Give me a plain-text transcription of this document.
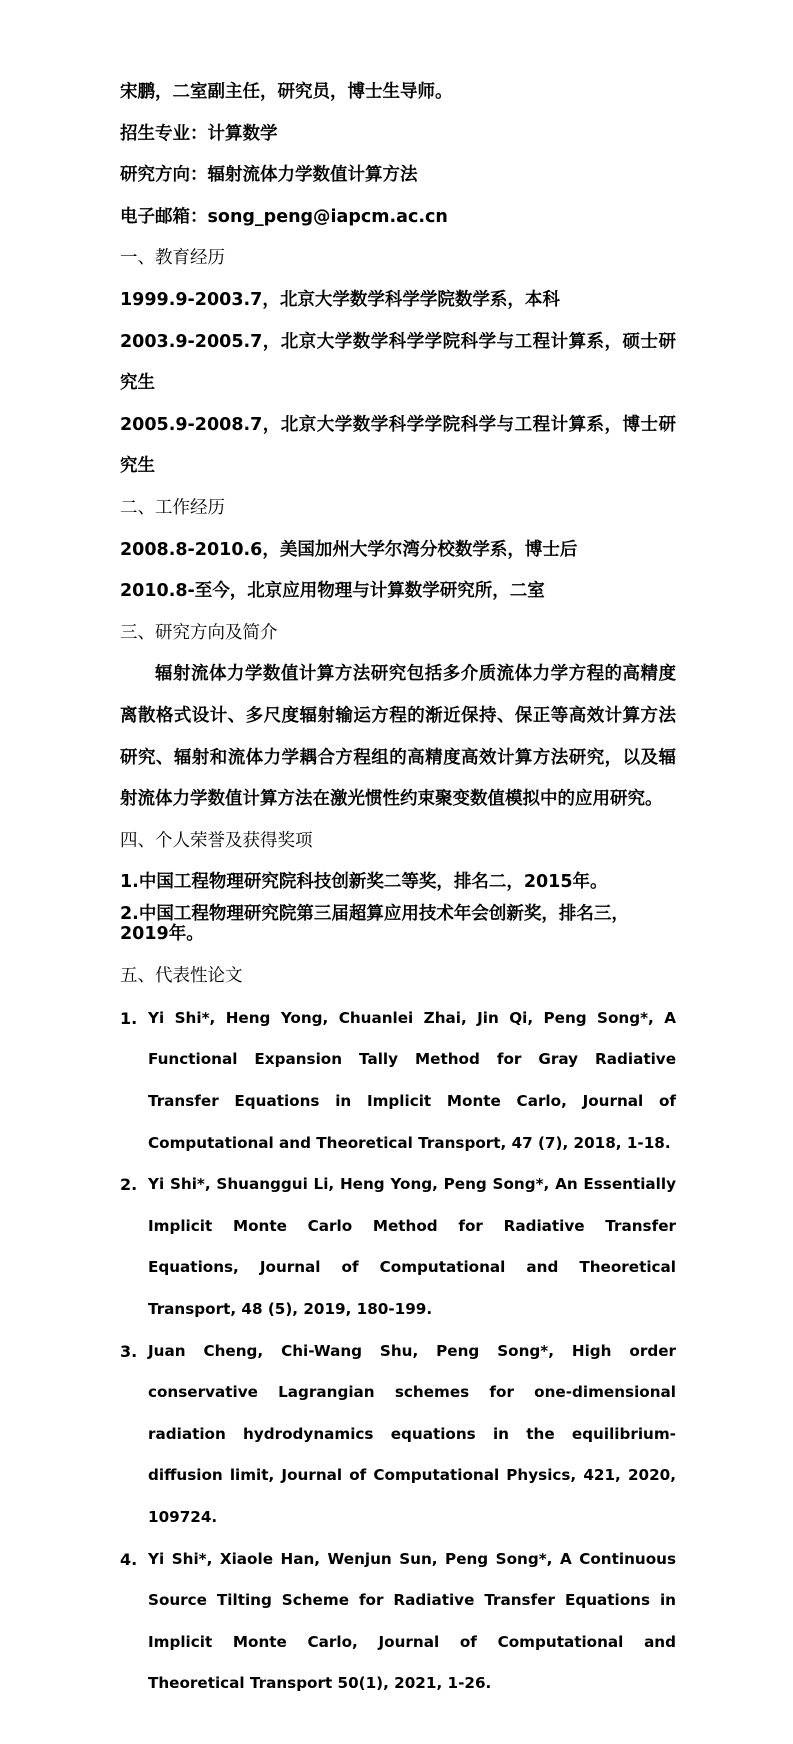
宋鹏，二室副主任，研究员，博士生导师。
招生专业：计算数学
研究方向：辐射流体力学数值计算方法
电子邮箱：song_peng@iapcm.ac.cn
一、教育经历
1999.9-2003.7，北京大学数学科学学院数学系，本科
2003.9-2005.7，北京大学数学科学学院科学与工程计算系，硕士研究生
2005.9-2008.7，北京大学数学科学学院科学与工程计算系，博士研究生
二、工作经历
2008.8-2010.6，美国加州大学尔湾分校数学系，博士后
2010.8-至今，北京应用物理与计算数学研究所，二室
三、研究方向及简介
辐射流体力学数值计算方法研究包括多介质流体力学方程的高精度离散格式设计、多尺度辐射输运方程的渐近保持、保正等高效计算方法研究、辐射和流体力学耦合方程组的高精度高效计算方法研究，以及辐射流体力学数值计算方法在激光惯性约束聚变数值模拟中的应用研究。
四、个人荣誉及获得奖项
1.中国工程物理研究院科技创新奖二等奖，排名二，2015年。
2.中国工程物理研究院第三届超算应用技术年会创新奖，排名三，2019年。
五、代表性论文
1. Yi Shi*, Heng Yong, Chuanlei Zhai, Jin Qi, Peng Song*, A Functional Expansion Tally Method for Gray Radiative Transfer Equations in Implicit Monte Carlo, Journal of Computational and Theoretical Transport, 47 (7), 2018, 1-18.
2. Yi Shi*, Shuanggui Li, Heng Yong, Peng Song*, An Essentially Implicit Monte Carlo Method for Radiative Transfer Equations, Journal of Computational and Theoretical Transport, 48 (5), 2019, 180-199.
3. Juan Cheng, Chi-Wang Shu, Peng Song*, High order conservative Lagrangian schemes for one-dimensional radiation hydrodynamics equations in the equilibrium-diffusion limit, Journal of Computational Physics, 421, 2020, 109724.
4. Yi Shi*, Xiaole Han, Wenjun Sun, Peng Song*, A Continuous Source Tilting Scheme for Radiative Transfer Equations in Implicit Monte Carlo, Journal of Computational and Theoretical Transport 50(1), 2021, 1-26.
